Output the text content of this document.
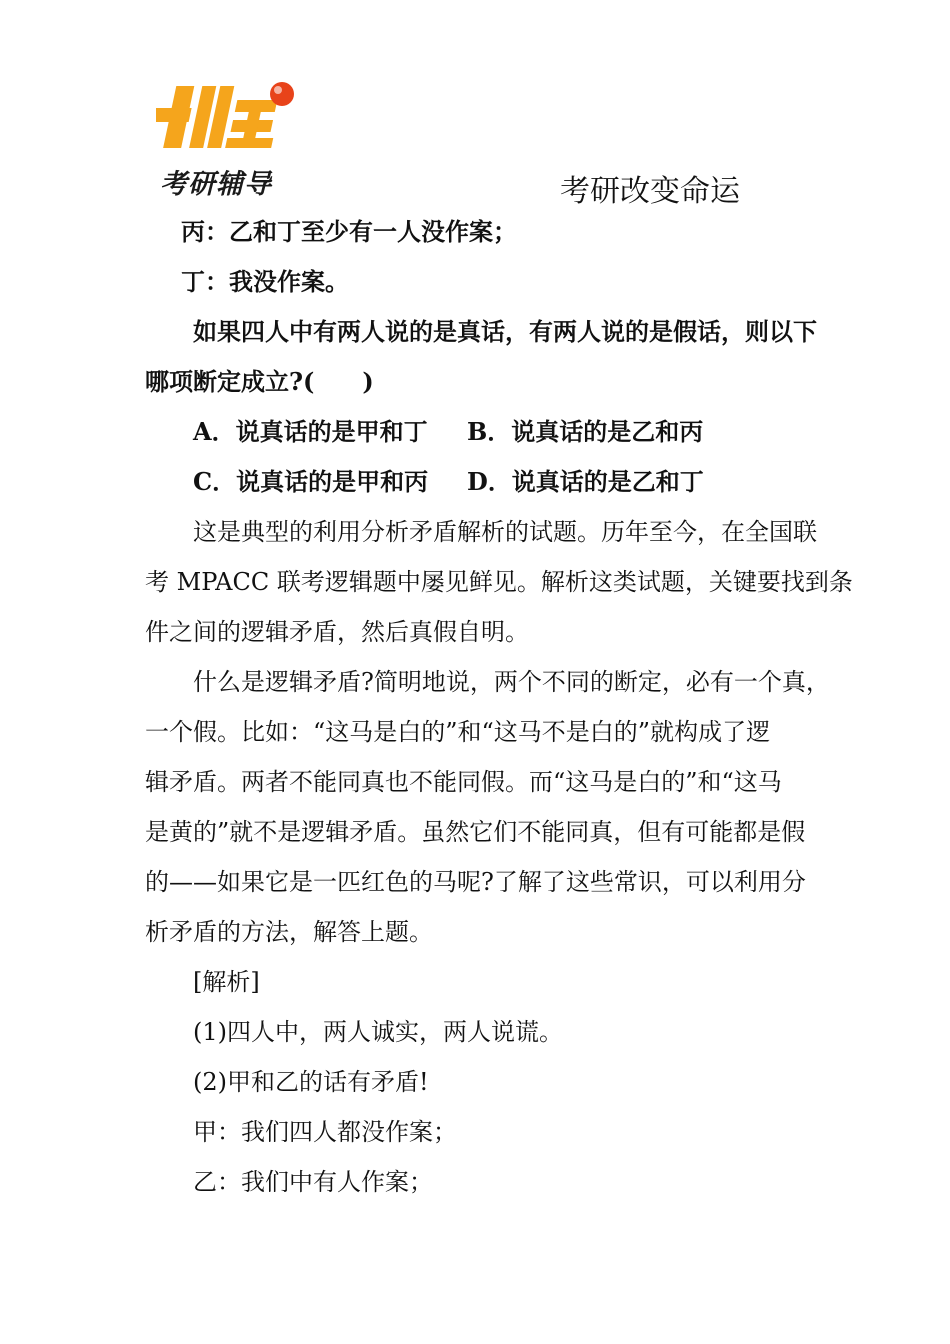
考研辅导	考研改变命运
丙：乙和丁至少有一人没作案；
丁：我没作案。
如果四人中有两人说的是真话，有两人说的是假话，则以下
哪项断定成立?(　　)
A．说真话的是甲和丁 B．说真话的是乙和丙
C．说真话的是甲和丙 D．说真话的是乙和丁
这是典型的利用分析矛盾解析的试题。历年至今，在全国联
考 MPACC 联考逻辑题中屡见鲜见。解析这类试题，关键要找到条
件之间的逻辑矛盾，然后真假自明。
什么是逻辑矛盾?简明地说，两个不同的断定，必有一个真，
一个假。比如：“这马是白的”和“这马不是白的”就构成了逻
辑矛盾。两者不能同真也不能同假。而“这马是白的”和“这马
是黄的”就不是逻辑矛盾。虽然它们不能同真，但有可能都是假
的——如果它是一匹红色的马呢?了解了这些常识，可以利用分
析矛盾的方法，解答上题。
[解析]
(1)四人中，两人诚实，两人说谎。
(2)甲和乙的话有矛盾!
甲：我们四人都没作案；
乙：我们中有人作案；
